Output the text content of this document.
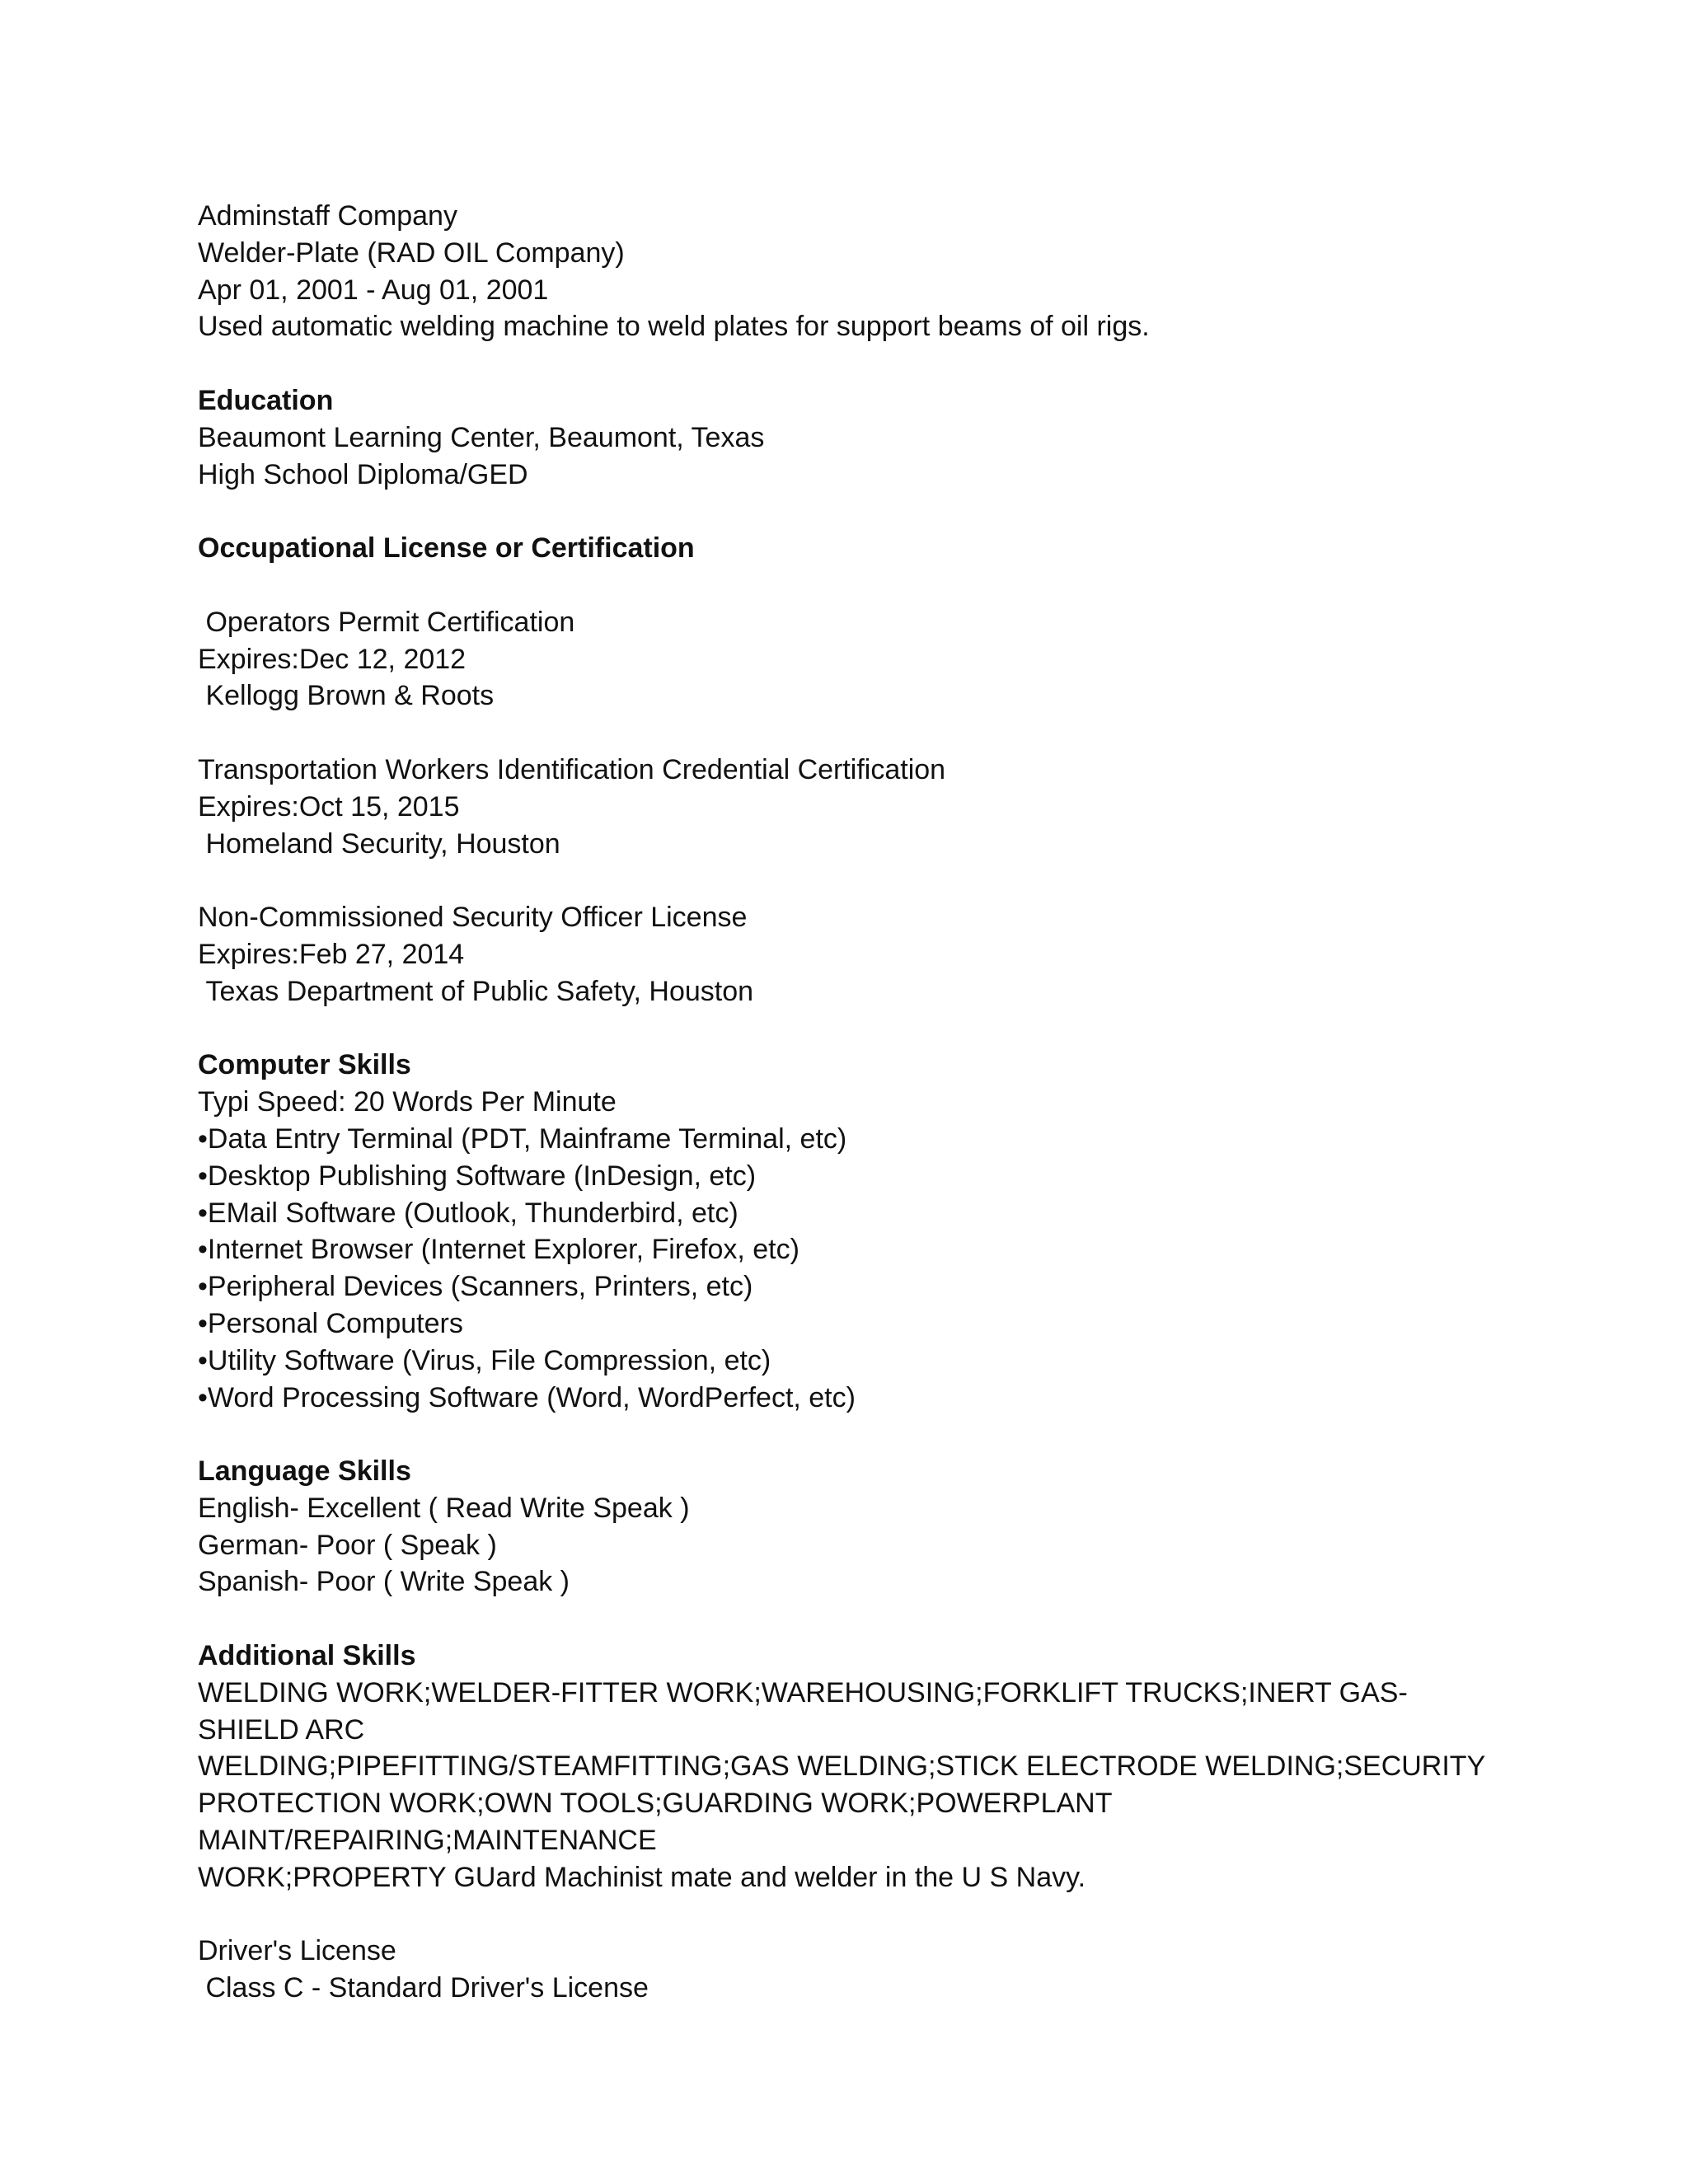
Adminstaff Company

Welder-Plate (RAD OIL Company)

Apr 01, 2001 - Aug 01, 2001

Used automatic welding machine to weld plates for support beams of oil rigs.

Education

Beaumont Learning Center, Beaumont, Texas

High School Diploma/GED

Occupational License or Certification

Operators Permit Certification

Expires:Dec 12, 2012

Kellogg Brown & Roots

Transportation Workers Identification Credential Certification

Expires:Oct 15, 2015

Homeland Security, Houston

Non-Commissioned Security Officer License

Expires:Feb 27, 2014

Texas Department of Public Safety, Houston

Computer Skills

Typi Speed: 20 Words Per Minute

•Data Entry Terminal (PDT, Mainframe Terminal, etc)

•Desktop Publishing Software (InDesign, etc)

•EMail Software (Outlook, Thunderbird, etc)

•Internet Browser (Internet Explorer, Firefox, etc)

•Peripheral Devices (Scanners, Printers, etc)

•Personal Computers

•Utility Software (Virus, File Compression, etc)

•Word Processing Software (Word, WordPerfect, etc)

Language Skills

English- Excellent ( Read Write Speak )

German- Poor ( Speak )

Spanish- Poor ( Write Speak )

Additional Skills

WELDING WORK;WELDER-FITTER WORK;WAREHOUSING;FORKLIFT TRUCKS;INERT GAS-SHIELD ARC

WELDING;PIPEFITTING/STEAMFITTING;GAS WELDING;STICK ELECTRODE WELDING;SECURITY

PROTECTION WORK;OWN TOOLS;GUARDING WORK;POWERPLANT MAINT/REPAIRING;MAINTENANCE

WORK;PROPERTY GUard Machinist mate and welder in the U S Navy.

Driver's License

Class C - Standard Driver's License
